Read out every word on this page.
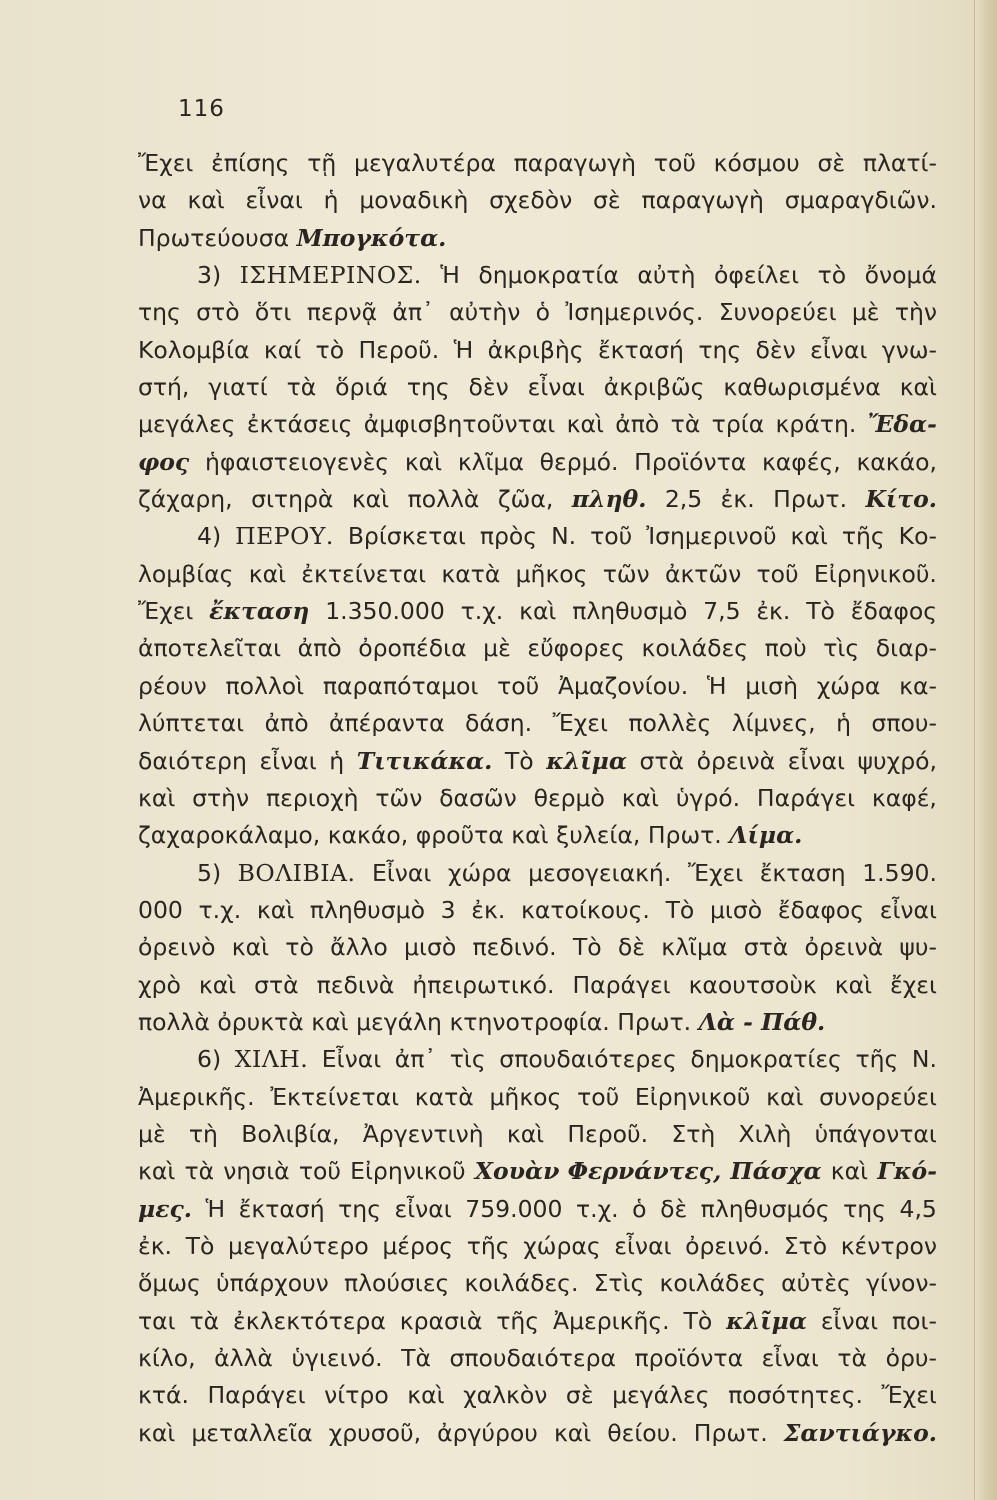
116
Ἔχει ἐπίσης τῇ μεγαλυτέρα παραγωγὴ τοῦ κόσμου σὲ πλατί-
να καὶ εἶναι ἡ μοναδικὴ σχεδὸν σὲ παραγωγὴ σμαραγδιῶν.
Πρωτεύουσα Μπογκότα.
3) ΙΣΗΜΕΡΙΝΟΣ. Ἡ δημοκρατία αὐτὴ ὀφείλει τὸ ὄνομά
της στὸ ὅτι περνᾷ ἀπ᾽ αὐτὴν ὁ Ἰσημερινός. Συνορεύει μὲ τὴν
Κολομβία καί τὸ Περοῦ. Ἡ ἀκριβὴς ἔκτασή της δὲν εἶναι γνω-
στή, γιατί τὰ ὅριά της δὲν εἶναι ἀκριβῶς καθωρισμένα καὶ
μεγάλες ἐκτάσεις ἀμφισβητοῦνται καὶ ἀπὸ τὰ τρία κράτη. Ἔδα-
φος ἡφαιστειογενὲς καὶ κλῖμα θερμό. Προϊόντα καφές, κακάο,
ζάχαρη, σιτηρὰ καὶ πολλὰ ζῶα, πληθ. 2,5 ἐκ. Πρωτ. Κίτο.
4) ΠΕΡΟΥ. Βρίσκεται πρὸς Ν. τοῦ Ἰσημερινοῦ καὶ τῆς Κο-
λομβίας καὶ ἐκτείνεται κατὰ μῆκος τῶν ἀκτῶν τοῦ Εἰρηνικοῦ.
Ἔχει ἔκταση 1.350.000 τ.χ. καὶ πληθυσμὸ 7,5 ἐκ. Τὸ ἔδαφος
ἀποτελεῖται ἀπὸ ὀροπέδια μὲ εὔφορες κοιλάδες ποὺ τὶς διαρ-
ρέουν πολλοὶ παραπόταμοι τοῦ Ἀμαζονίου. Ἡ μισὴ χώρα κα-
λύπτεται ἀπὸ ἀπέραντα δάση. Ἔχει πολλὲς λίμνες, ἡ σπου-
δαιότερη εἶναι ἡ Τιτικάκα. Τὸ κλῖμα στὰ ὀρεινὰ εἶναι ψυχρό,
καὶ στὴν περιοχὴ τῶν δασῶν θερμὸ καὶ ὑγρό. Παράγει καφέ,
ζαχαροκάλαμο, κακάο, φροῦτα καὶ ξυλεία, Πρωτ. Λίμα.
5) ΒΟΛΙΒΙΑ. Εἶναι χώρα μεσογειακή. Ἔχει ἔκταση 1.590.
000 τ.χ. καὶ πληθυσμὸ 3 ἐκ. κατοίκους. Τὸ μισὸ ἔδαφος εἶναι
ὀρεινὸ καὶ τὸ ἄλλο μισὸ πεδινό. Τὸ δὲ κλῖμα στὰ ὀρεινὰ ψυ-
χρὸ καὶ στὰ πεδινὰ ἠπειρωτικό. Παράγει καουτσοὺκ καὶ ἔχει
πολλὰ ὀρυκτὰ καὶ μεγάλη κτηνοτροφία. Πρωτ. Λὰ - Πάθ.
6) ΧΙΛΗ. Εἶναι ἀπ᾽ τὶς σπουδαιότερες δημοκρατίες τῆς Ν.
Ἀμερικῆς. Ἐκτείνεται κατὰ μῆκος τοῦ Εἰρηνικοῦ καὶ συνορεύει
μὲ τὴ Βολιβία, Ἀργεντινὴ καὶ Περοῦ. Στὴ Χιλὴ ὑπάγονται
καὶ τὰ νησιὰ τοῦ Εἰρηνικοῦ Χουὰν Φερνάντες, Πάσχα καὶ Γκό-
μες. Ἡ ἔκτασή της εἶναι 759.000 τ.χ. ὁ δὲ πληθυσμός της 4,5
ἐκ. Τὸ μεγαλύτερο μέρος τῆς χώρας εἶναι ὀρεινό. Στὸ κέντρον
ὅμως ὑπάρχουν πλούσιες κοιλάδες. Στὶς κοιλάδες αὐτὲς γίνον-
ται τὰ ἐκλεκτότερα κρασιὰ τῆς Ἀμερικῆς. Τὸ κλῖμα εἶναι ποι-
κίλο, ἀλλὰ ὑγιεινό. Τὰ σπουδαιότερα προϊόντα εἶναι τὰ ὀρυ-
κτά. Παράγει νίτρο καὶ χαλκὸν σὲ μεγάλες ποσότητες. Ἔχει
καὶ μεταλλεῖα χρυσοῦ, ἀργύρου καὶ θείου. Πρωτ. Σαντιάγκο.
